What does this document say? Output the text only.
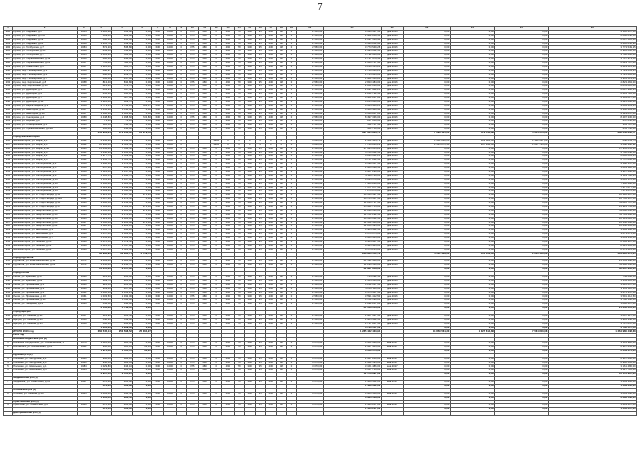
7
1	2	3	4	5	6	7	8	9	10	11	12	13	14	15	16	17	18	19	20	21	22	23	24	25	26
280	Кулон, ул. Садовая, д.1	1954	1 885,28	652,80	0,00	630	1000	0	375	480	0	460	78	300	95	430	48	0	2 550,00	4 936 437,50	дек.2016	0,00	0,00	0,00	4 136 437,50
281	Кулон, ул. Садовая, д.17А	1956	589,40	286,80	0,00	630	1000	0	375	480	0	460	78	300	95	430	48	0	2 550,00	2 082 858,50	дек.2016	0,00	0,00	0,00	2 082 858,50
282	Кулон, ул. Садовая, д.19	1958	598,10	291,00	0,00	630	1000	0	375	480	0	460	78	300	95	430	48	0	2 550,00	2 097 516,40	дек.2016	0,00	0,00	0,00	2 097 516,40
283	Кулон, ул. Садовая, д.24	1958	1 265,78	619,00	0,00	630	1000	0	375	480	0	460	78	300	95	430	48	0	2 550,00	4 436 852,90	дек.2016	0,00	0,00	0,00	4 436 852,90
284	Кулон, ул. Толбухина, д.7	1954	572,20	535,80	0,00	630	1000	0	375	480	0	460	78	300	95	430	48	0	2 550,00	3 773 549,25	дек.2016	0,00	0,00	0,00	3 773 549,25
285	Кулон, ул. Толбухина, д.35	1958	854,50	512,20	0,00	630	1000	0	375	480	0	460	78	300	95	430	48	0	2 550,00	2 995 002,50	дек.2016	0,00	0,00	0,00	2 995 002,50
286	Кулон, ул. Толбухина, д.7	1955	1 081,20	566,30	0,00	630	1000	0	375	480	0	460	78	300	95	430	48	0	2 550,00	3 792 606,00	дек.2016	0,00	0,00	0,00	3 792 606,00
287	Кулон, ул. Первомайская, д.19	1958	490,10	498,00	0,00	630	1000	0	375	480	0	460	78	300	95	430	48	0	2 550,00	1 737 979,50	дек.2016	0,00	0,00	0,00	1 737 979,50
288	Кулон, ул. Первомайская, д.21	1957	755,80	411,10	0,00	630	1000	0	375	480	0	460	78	300	95	430	48	0	2 550,00	2 629 787,40	дек.2016	0,00	0,00	0,00	2 629 787,40
289	Кулон, ул. Советская, д.5	1957	1 216,40	605,70	0,00	630	1000	0	375	480	0	460	78	300	95	430	48	0	2 550,00	4 219 515,20	дек.2016	0,00	0,00	0,00	4 219 515,20
290	Кулон, пер. Пионерский, д.1	1958	498,97	273,37	0,00	630	1000	0	375	480	0	460	78	300	95	430	48	0	2 550,00	1 729 663,25	дек.2016	0,00	0,00	0,00	1 729 663,25
291	Кулон, пер. Пионерский, д.4	1958	498,00	269,70	0,00	630	1000	0	375	480	0	460	78	300	95	430	48	0	2 550,00	1 725 685,00	дек.2016	0,00	0,00	0,00	1 725 685,00
292	Кулон, пер. Пионерский, д.7	1958	566,50	447,00	0,00	630	1000	0	375	480	0	460	78	300	95	430	48	0	2 550,00	1 961 513,85	дек.2016	0,00	0,00	0,00	1 961 513,85
293	Кулон, пер. Кирпичный, д.8	1958	813,40	834,80	0,00	630	1000	0	375	480	0	460	78	300	95	430	48	0	2 550,00	2 823 484,00	дек.2016	0,00	0,00	0,00	2 823 484,00
294	Кулон, пер. Кирпичный, д.10	1958	821,20	571,70	0,00	630	1000	0	375	480	0	460	78	300	95	430	48	0	2 550,00	2 851 010,00	дек.2016	0,00	0,00	0,00	2 851 010,00
295	Кулон, ул. Дрябиры, д.5	1957	833,95	547,50	0,00	630	1000	0	375	480	0	460	78	300	95	430	48	0	2 550,00	2 897 982,25	дек.2016	0,00	0,00	0,00	2 897 982,25
296	Кулон, ул. Дрябиры, д.6	1958	645,10	645,10	0,00	630	1000	0	375	480	0	460	78	300	95	430	48	0	2 550,00	2 241 722,50	дек.2016	0,00	0,00	0,00	2 241 722,50
297	Кулон, ул. Дрябиры, д.7	1958	1 204,12	587,60	0,00	630	1000	0	375	480	0	460	78	300	95	430	48	0	2 550,00	4 181 817,00	дек.2016	0,00	0,00	0,00	4 181 817,00
298	Кулон, ул. Дрябиры, д.12	1958	1 216,00	609,70	0,00	630	1000	0	375	480	0	460	78	300	95	430	48	0	2 550,00	4 225 600,00	дек.2016	0,00	0,00	0,00	4 225 600,00
299	Кулон, ул. Карла Маркса, д.2	1959	2 779,15	1 746,10	502,07	630	1000	0	375	480	0	460	78	300	95	430	48	0	2 550,00	9 644 403,25	дек.2016	0,00	0,00	0,00	9 644 403,25
300	Кулон, ул. Шахтеров, д.12	1957	1 256,28	1 114,60	0,00	630	1000	0	375	480	0	460	78	300	95	430	48	0	2 550,00	4 360 483,40	дек.2016	0,00	0,00	0,00	4 360 483,40
301	Кулон, ул. Шахтеров, д.18	1957	1 190,10	1 004,28	0,00	630	1000	0	375	480	0	460	78	300	95	430	48	0	2 550,00	4 129 847,00	дек.2016	0,00	0,00	0,00	4 129 847,00
302	Кулон, ул. Снегирева, д.4	1959	2 448,80	1 398,60	724,80	630	1000	0	375	480	0	460	78	300	95	430	48	0	2 550,00	8 497 336,00	дек.2016	0,00	0,00	0,00	8 497 336,00
303	Кулон, ул. Кирова, д.8	1960	71,10	71,10	0,00	630	1000	0	375	480	0	460	78	300	95	430	48	0	2 550,00	247 050,00	дек.2016	0,00	0,00	0,00	247 050,00
304	Кулон, ул. Станционная, д.4	1960	118,50	118,50	0,00	630	1000	0	375	480	0	460	78	300	95	430	48	0	2 550,00	411 787,50	дек.2016	0,00	0,00	0,00	411 787,50
305	Кулон, ул. Привокзальная, д.23А	1960	130,00	130,00	0,00	630	1000	0	375	480	0	460	78	300	95	430	48	0	2 550,00	451 750,00	дек.2016	0,00	0,00	0,00	451 750,00
			252 918,84	170 640,02	22 279,53															897 635 863,71		7 698 125,00	578 514,88	5 344 376,00	886 233 862,77
	город Железногорск																								
306	Железногорск, ул. Мира, д.1	1962	4 256,30	1 016,60	0,00	630	1000	0			1285	0	0	0	0	0	0	0	3 200,00	2 102 444,76	дек.2016	1 301 868,00	183 680,00	1 162 697,08	638 653,74
307	Железногорск, ул. Мира, д.3	1962	10 900,00	9 522,50	0,00	630	1000	0			1285	0	0	0	0	0	0	0	3 200,00	7 749 863,22	дек.2016	2 565 871,30	267 940,00	1 057 743,00	3 588 308,92
308	Железногорск, ул. Мира, д.5А	1963	15 842,80	7 546,50	0,00	630	1000	0	375	480	0	460	78	300	95	430	48	0	2 550,00	37 935 655,20	дек.2016	0,00	0,00	0,00	37 935 655,20
309	Железногорск, ул. Мира, д.4	1961	1 640,30	1 160,10	0,00	630	1000	0	375	480	0	460	78	300	95	430	48	0	2 550,00	5 700 042,50	дек.2016	0,00	0,00	0,00	5 700 042,50
310	Железногорск, ул. Мира, д.2	1961	1 977,75	1 509,40	0,00	630	1000	0	375	480	0	460	78	300	95	430	48	0	2 550,00	6 836 081,25	дек.2016	0,00	0,00	0,00	6 836 081,25
311	Железногорск, ул. Мира, д.6	1962	1 944,70	1 506,60	0,00	630	1000	0	375	480	0	460	78	300	95	430	48	0	2 550,00	6 757 832,50	дек.2016	0,00	0,00	0,00	6 757 832,50
312	Железногорск, ул. Октябрьская, д.4	1958	1 208,10	1 078,30	0,00	630	1000	0	375	480	0	460	78	300	95	430	48	0	2 550,00	4 198 147,50	дек.2016	0,00	0,00	0,00	4 198 147,50
313	Железногорск, ул. Октябрьская, д.5	1958	457,10	423,61	0,00	630	1000	0	375	480	0	460	78	300	95	430	48	0	2 550,00	1 603 128,50	дек.2016	0,00	0,00	0,00	1 603 128,50
314	Железногорск, ул. Октябрьская, д.6	1959	1 124,40	1 017,30	0,00	630	1000	0	375	480	0	460	78	300	95	430	48	0	2 550,00	3 907 290,00	дек.2016	0,00	0,00	0,00	3 907 290,00
315	Железногорск, ул. Октябрьская, д.8	1959	1 185,55	1 040,70	0,00	630	1000	0	375	480	0	460	78	300	95	430	48	0	2 550,00	4 119 786,25	дек.2016	0,00	0,00	0,00	4 119 786,25
316	Железногорск, ул. Октябрьская, д.10	1960	1 161,20	1 047,40	0,00	630	1000	0	375	480	0	460	78	300	95	430	48	0	2 550,00	4 035 170,00	дек.2016	0,00	0,00	0,00	4 035 170,00
317	Железногорск, ул. Октябрьская, д.12	1960	2 100,80	1 601,40	0,00	630	1000	0	375	480	0	460	78	300	95	430	48	0	2 550,00	7 300 280,00	дек.2016	0,00	0,00	0,00	7 300 280,00
318	Железногорск, ул. Октябрьская, д.14	1960	2 122,90	1 618,30	0,00	630	1000	0	375	480	0	460	78	300	95	430	48	0	2 550,00	7 377 077,50	дек.2016	0,00	0,00	0,00	7 377 077,50
319	Железногорск, ул. Октябрьская, д.16	1961	2 093,20	1 595,60	0,00	630	1000	0	375	480	0	460	78	300	95	430	48	0	2 550,00	7 273 870,00	дек.2016	0,00	0,00	0,00	7 273 870,00
320	Железногорск, ул. 37 Партсъезда, д.11	1962	2 914,10	1 867,80	271,20	630	1000	0	375	480	0	460	78	300	95	430	48	0	2 550,00	10 126 497,50	дек.2016	0,00	0,00	0,00	10 126 497,50
321	Железногорск, ул. 37 Партсъезда, д.13А	1962	4 807,30	2 974,50	0,00	630	1000	0	375	480	0	460	78	300	95	430	48	0	2 550,00	16 705 367,50	дек.2016	0,00	0,00	0,00	16 705 367,50
322	Железногорск, ул. 37 Партсъезда, д.15	1963	3 400,50	2 133,40	0,00	630	1000	0	375	480	0	460	78	300	95	430	48	0	2 550,00	11 816 737,50	дек.2016	0,00	0,00	0,00	11 816 737,50
323	Железногорск, ул. 37 Партсъезда, д.17	1963	4 581,80	2 522,30	271,30	630	1000	0	375	480	0	460	78	300	95	430	48	0	2 550,00	15 921 755,00	дек.2016	0,00	0,00	0,00	15 921 755,00
324	Железногорск, ул. Энергетиков, д.14	1966	3 406,80	2 180,90	271,30	630	1000	0	375	480	0	460	78	300	95	430	48	0	2 550,00	11 838 630,00	дек.2016	0,00	0,00	0,00	11 838 630,00
325	Железногорск, ул. Энергетиков, д.16	1966	3 390,30	2 178,20	0,00	630	1000	0	375	480	0	460	78	300	95	430	48	0	2 550,00	11 781 292,50	дек.2016	0,00	0,00	0,00	11 781 292,50
326	Железногорск, ул. Энергетиков, д.18	1966	2 913,10	2 000,30	0,00	630	1000	0	375	480	0	460	78	300	95	430	48	0	2 550,00	10 123 022,50	дек.2016	0,00	0,00	0,00	10 123 022,50
327	Железногорск, ул. Энергетиков, д.20	1967	3 500,00	2 204,40	271,30	630	1000	0	375	480	0	460	78	300	95	430	48	0	2 550,00	12 162 500,00	дек.2016	0,00	0,00	0,00	12 162 500,00
328	Железногорск, ул. Энергетиков, д.22	1967	3 528,20	2 226,10	0,00	630	1000	0	375	480	0	460	78	300	95	430	48	0	2 550,00	12 260 495,00	дек.2016	0,00	0,00	0,00	12 260 495,00
329	Железногорск, ул. Школьная, д.3	1968	1 002,70	998,20	0,00	630	1000	0	375	480	0	460	78	300	95	430	48	0	2 550,00	3 484 382,50	дек.2016	0,00	0,00	0,00	3 484 382,50
330	Железногорск, ул. Школьная, д.5	1968	1 057,00	1 002,10	0,00	630	1000	0	375	480	0	460	78	300	95	430	48	0	2 550,00	3 673 075,00	дек.2016	0,00	0,00	0,00	3 673 075,00
331	Железногорск, ул. Школьная, д.7	1968	1 054,20	1 004,00	0,00	630	1000	0	375	480	0	460	78	300	95	430	48	0	2 550,00	3 663 345,00	дек.2016	0,00	0,00	0,00	3 663 345,00
332	Железногорск, ул. Ленина, д.20	1969	2 470,50	1 579,50	0,00	630	1000	0	375	480	0	460	78	300	95	430	48	0	2 550,00	8 584 987,50	дек.2016	0,00	0,00	0,00	8 584 987,50
333	Железногорск, ул. Ленина, д.22	1969	2 424,60	1 547,90	0,00	630	1000	0	375	480	0	460	78	300	95	430	48	0	2 550,00	8 425 485,00	дек.2016	0,00	0,00	0,00	8 425 485,00
334	Железногорск, ул. Ленина, д.24	1969	2 467,40	1 581,60	0,00	630	1000	0	375	480	0	460	78	300	95	430	48	0	2 550,00	8 574 215,00	дек.2016	0,00	0,00	0,00	8 574 215,00
			82 982,90	60 832,71	2 719,70															288 860 151,73		4 161 439,30	451 100,00	2 220 440,08	281 826 672,35
	город Курчатов																								
335	Курчатов, ул. Комсомольская, д.18	1971	9 404,80	6 020,90	0,00	630	1000	0	375	480	0	460	78	300	95	430	48	0	2 550,00	21 591 388,00	дек.2016	0,00	0,00	0,00	21 591 388,00
336	Курчатов, ул. Комсомольская, д.22	1972	3 250,80	2 436,70	0,00	630	1000	0	375	480	0	460	78	300	95	430	48	0	2 550,00	11 296 530,00	дек.2016	0,00	0,00	0,00	11 296 530,00
			12 655,60	8 457,60	0,00															32 887 918,00		0,00	0,00	0,00	32 887 918,00
	город Льгов																								
337	Льгов, ул. Красная, д.37	1960	214,30	208,40	0,00	630	1000	0	375	480	0	460	78	300	95	430	48	0	2 550,00	744 692,50	дек.2016	0,00	0,00	0,00	744 692,50
338	Льгов, ул. Красная, д.22	1959	389,76	285,14	0,00	630	1000	0	375	480	0	460	78	300	95	430	48	0	2 550,00	1 354 416,00	дек.2016	0,00	0,00	0,00	1 354 416,00
339	Льгов, ул. Примакова, д.4	1960	924,50	401,40	0,00	630	1000	0	375	480	0	460	78	300	95	430	48	0	2 550,00	3 212 637,50	дек.2016	0,00	0,00	0,00	3 212 637,50
340	Льгов, ул. Примакова, д.6	1960	939,60	407,90	0,00	630	1000	0	375	480	0	460	78	300	95	430	48	0	2 550,00	3 265 110,00	дек.2016	0,00	0,00	0,00	3 265 110,00
341	Льгов, ул. Примакова, д.8	1961	1 000,10	1 053,21	0,00	630	1000	0	375	480	0	460	78	300	95	430	48	0	2 550,00	3 475 347,50	дек.2016	0,00	0,00	0,00	3 475 347,50
342	Льгов, ул. Примакова, д.10	1961	1 033,50	1 032,00	0,00	630	1000	0	375	480	0	460	78	300	95	430	48	0	2 550,00	3 591 412,50	дек.2016	0,00	0,00	0,00	3 591 412,50
343	Льгов, ул. Примакова, д.12	1962	1 088,40	1 011,40	0,00	630	1000	0	375	480	0	460	78	300	95	430	48	0	2 550,00	3 782 190,00	дек.2016	0,00	0,00	0,00	3 782 190,00
344	Льгов, ул. Гагарина, д.21	1966	544,52	348,90	0,00	630	1000	0	375	480	0	460	78	300	95	430	48	0	2 550,00	1 892 207,00	дек.2016	0,00	0,00	0,00	1 892 207,00
			6 134,68	4 748,35	0,00															21 318 013,00		0,00	0,00	0,00	21 318 013,00
	город Щигры																								
345	Щигры, ул. Ленина, д.31	1957	312,90	301,50	0,00	630	1000	0	375	480	0	460	78	300	95	430	48	0	2 550,00	1 087 327,50	дек.2016	0,00	0,00	0,00	1 087 327,50
346	Щигры, ул. Ленина, д.33	1958	548,30	519,60	0,00	630	1000	0	375	480	0	460	78	300	95	430	48	0	2 550,00	1 905 342,50	дек.2016	0,00	0,00	0,00	1 905 342,50
347	Щигры, ул. Ленина, д.35	1958	500,10	468,20	0,00	630	1000	0	375	480	0	460	78	300	95	430	48	0	2 550,00	1 737 847,50	дек.2016	0,00	0,00	0,00	1 737 847,50
			1 361,30	1 289,30	0,00															4 730 517,50		0,00	0,00	0,00	4 730 517,50
	ИТОГО 2016 год		360 545,14	252 598,52	25 004,27															1 285 432 433,94		11 859 564,30	1 027 614,88	7 564 816,08	1 264 980 438,68
	2016 год																								
	Большесолдатский р-н (2)																								
1	Большое Солдатское, ул. Олимпийская, 1	1979	1 010,40	865,50	0,00	630	1000	0	375	480	0	460	78	300	95	430	48	0	3 070,00	3 101 928,00	янв.2017	0,00	0,00	0,00	3 101 928,00
2	Волоконск, ул. Вокзальная, д.24	1981	960,08	665,91	62,85	630	1000	0	375	480	0	460	78	300	95	430	48	0	3 070,00	2 947 445,60	янв.2017	0,00	0,00	0,00	2 947 445,60
			1 970,48	1 531,41	62,85															6 049 373,60		0,00	0,00	0,00	6 049 373,60
	Курский р-н (2)																								
3	Полевая, ул. Мичурина, д.2	1983	960,00	868,10	0,00	630	1000	0	375	480	0	460	78	300	95	430	48	0	3 070,00	2 947 200,00	янв.2017	0,00	0,00	0,00	2 947 200,00
4	Полевая, ул. Мичурина, д.4	1983	958,50	866,05	0,00	630	1000	0	375	480	0	460	78	300	95	430	48	0	3 070,00	2 942 595,00	янв.2017	0,00	0,00	0,00	2 942 595,00
5	Полевая, ул. Школьная, д.1	1984	1 029,80	916,10	0,00	630	1000	0	375	480	0	460	78	300	95	430	48	0	3 070,00	3 161 486,00	янв.2017	0,00	0,00	0,00	3 161 486,00
6	Полевая, ул. Школьная, д.5	1984	1 018,80	904,00	0,00	630	1000	0	375	480	0	460	78	300	95	430	48	0	3 070,00	3 127 716,00	янв.2017	0,00	0,00	0,00	3 127 716,00
			3 967,10	3 554,25	0,00															12 178 997,00		0,00	0,00	0,00	12 178 997,00
	Медвенский р-н (1)																								
7	Медвенка, ул. Советская, д.31	1987	478,60	400,80	0,00	630	1000	0	375	480	0	460	78	300	95	430	48	0	3 070,00	1 469 302,00	янв.2017	0,00	0,00	0,00	1 469 302,00
			478,60	400,80	0,00															1 469 302,00		0,00	0,00	0,00	1 469 302,00
	Обоянский р-н (1)																								
8	Обоянь, ул. Ленина, д.58	1985	1 004,40	836,50	0,00	630	1000	0	375	480	0	460	78	300	95	430	48	0	3 070,00	3 083 508,00	янв.2017	0,00	0,00	0,00	3 083 508,00
			1 004,40	836,50	0,00															3 083 508,00		0,00	0,00	0,00	3 083 508,00
	Пристенский р-н (1)																								
9	Пристень, ул. Советская, д.2	1986	470,10	400,00	0,00	630	1000	0	375	480	0	460	78	300	95	430	48	0	3 070,00	1 443 207,00	янв.2017	0,00	0,00	0,00	1 443 207,00
			470,10	400,00	0,00															1 443 207,00		0,00	0,00	0,00	1 443 207,00
	Дмитриевский р-н (1)																								
